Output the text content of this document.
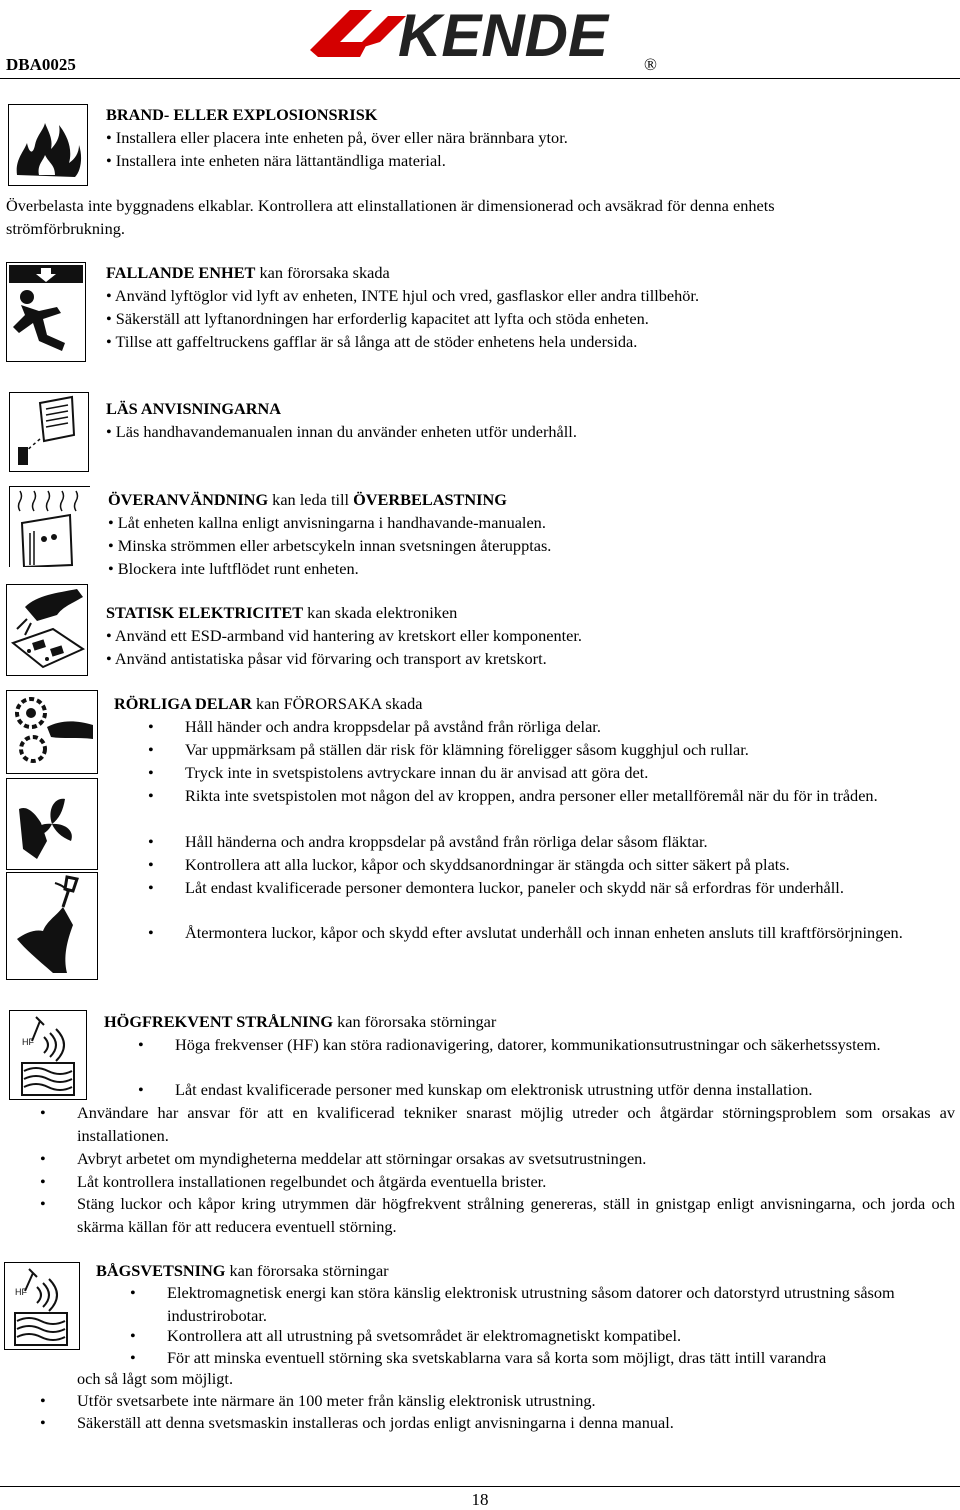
DBA0025	KENDE ®
BRAND- ELLER EXPLOSIONSRISK
• Installera eller placera inte enheten på, över eller nära brännbara ytor.
• Installera inte enheten nära lättantändliga material.
Överbelasta inte byggnadens elkablar. Kontrollera att elinstallationen är dimensionerad och avsäkrad för denna enhets
strömförbrukning.
FALLANDE ENHET kan förorsaka skada
• Använd lyftöglor vid lyft av enheten, INTE hjul och vred, gasflaskor eller andra tillbehör.
• Säkerställ att lyftanordningen har erforderlig kapacitet att lyfta och stöda enheten.
• Tillse att gaffeltruckens gafflar är så långa att de stöder enhetens hela undersida.
LÄS ANVISNINGARNA
• Läs handhavandemanualen innan du använder enheten utför underhåll.
ÖVERANVÄNDNING kan leda till ÖVERBELASTNING
• Låt enheten kallna enligt anvisningarna i handhavande-manualen.
• Minska strömmen eller arbetscykeln innan svetsningen återupptas.
• Blockera inte luftflödet runt enheten.
STATISK ELEKTRICITET kan skada elektroniken
• Använd ett ESD-armband vid hantering av kretskort eller komponenter.
• Använd antistatiska påsar vid förvaring och transport av kretskort.
RÖRLIGA DELAR kan FÖRORSAKA skada
• Håll händer och andra kroppsdelar på avstånd från rörliga delar.
• Var uppmärksam på ställen där risk för klämning föreligger såsom kugghjul och rullar.
• Tryck inte in svetspistolens avtryckare innan du är anvisad att göra det.
• Rikta inte svetspistolen mot någon del av kroppen, andra personer eller metallföremål när du för in tråden.
• Håll händerna och andra kroppsdelar på avstånd från rörliga delar såsom fläktar.
• Kontrollera att alla luckor, kåpor och skyddsanordningar är stängda och sitter säkert på plats.
• Låt endast kvalificerade personer demontera luckor, paneler och skydd när så erfordras för underhåll.
• Återmontera luckor, kåpor och skydd efter avslutat underhåll och innan enheten ansluts till kraftförsörjningen.
HF
HÖGFREKVENT STRÅLNING kan förorsaka störningar
• Höga frekvenser (HF) kan störa radionavigering, datorer, kommunikationsutrustningar och säkerhetssystem.
• Låt endast kvalificerade personer med kunskap om elektronisk utrustning utför denna installation.
• Användare har ansvar för att en kvalificerad tekniker snarast möjlig utreder och åtgärdar störningsproblem som orsakas av installationen.
• Avbryt arbetet om myndigheterna meddelar att störningar orsakas av svetsutrustningen.
• Låt kontrollera installationen regelbundet och åtgärda eventuella brister.
• Stäng luckor och kåpor kring utrymmen där högfrekvent strålning genereras, ställ in gnistgap enligt anvisningarna, och jorda och skärma källan för att reducera eventuell störning.
HF
BÅGSVETSNING kan förorsaka störningar
• Elektromagnetisk energi kan störa känslig elektronisk utrustning såsom datorer och datorstyrd utrustning såsom industrirobotar.
• Kontrollera att all utrustning på svetsområdet är elektromagnetiskt kompatibel.
• För att minska eventuell störning ska svetskablarna vara så korta som möjligt, dras tätt intill varandra
och så lågt som möjligt.
• Utför svetsarbete inte närmare än 100 meter från känslig elektronisk utrustning.
• Säkerställ att denna svetsmaskin installeras och jordas enligt anvisningarna i denna manual.
18
